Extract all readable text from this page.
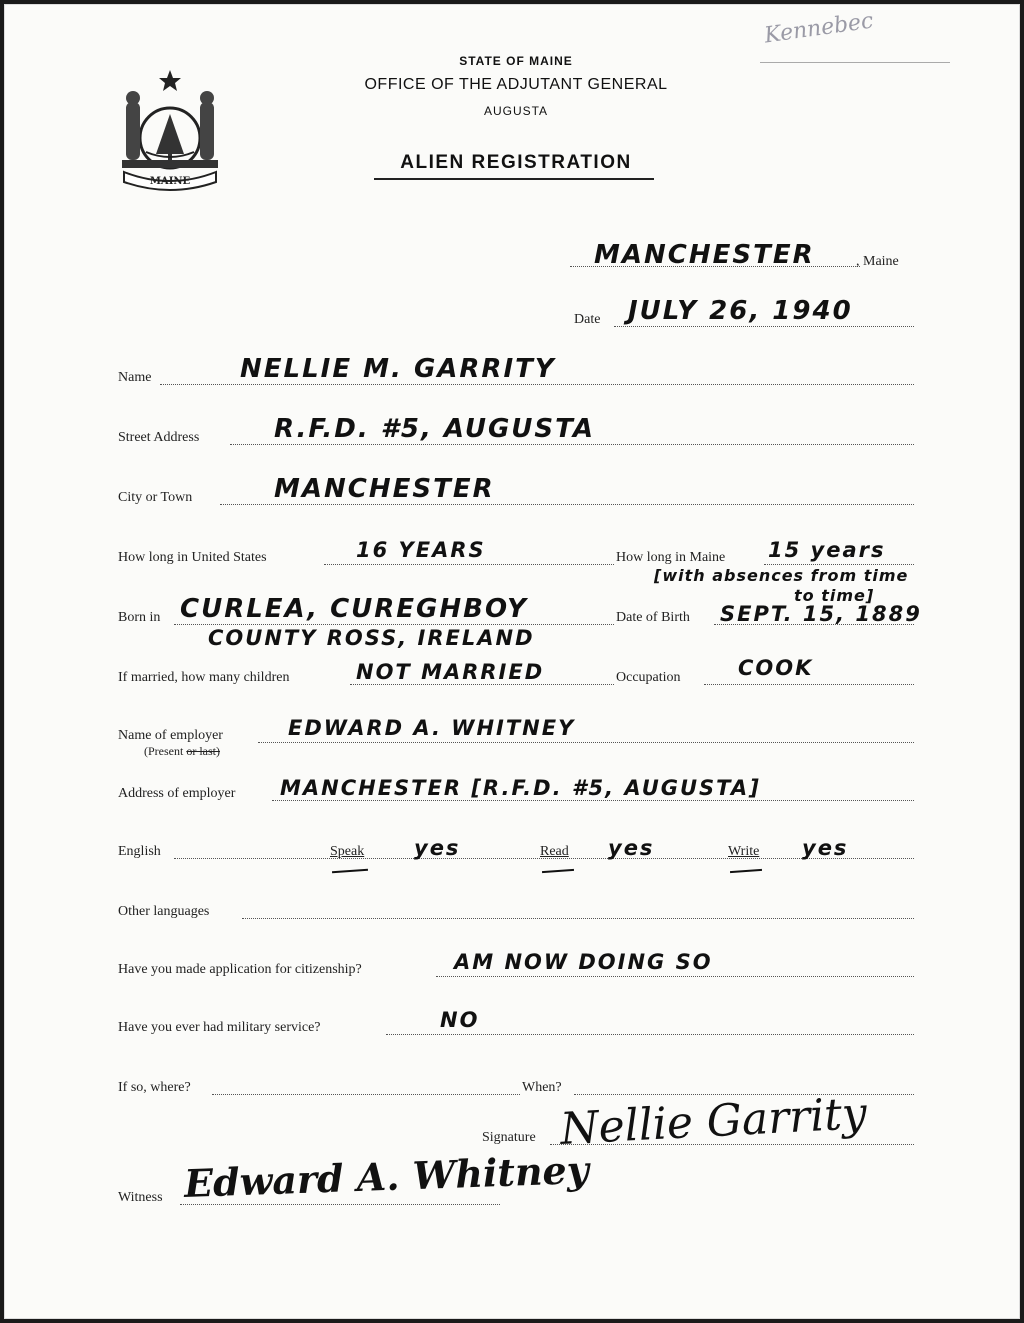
Kennebec
MAINE
STATE OF MAINE
OFFICE OF THE ADJUTANT GENERAL
AUGUSTA
ALIEN REGISTRATION
MANCHESTER	, Maine
Date JULY 26, 1940
Name	NELLIE M. GARRITY
Street Address	R.F.D. #5, AUGUSTA
City or Town	MANCHESTER
How long in United States	16 YEARS	How long in Maine 15 years
[with absences from time
to time]
Born in CURLEA, CUREGHBOY
COUNTY ROSS, IRELAND
Date of Birth SEPT. 15, 1889
If married, how many children	NOT MARRIED	Occupation	COOK
Name of employer
(Present or last)
EDWARD A. WHITNEY
Address of employer MANCHESTER [R.F.D. #5, AUGUSTA]
English	Speak yes	Read yes	Write yes
Other languages
Have you made application for citizenship?	AM NOW DOING SO
Have you ever had military service?	NO
If so, where?	When?
Signature Nellie Garrity
Witness Edward A. Whitney
